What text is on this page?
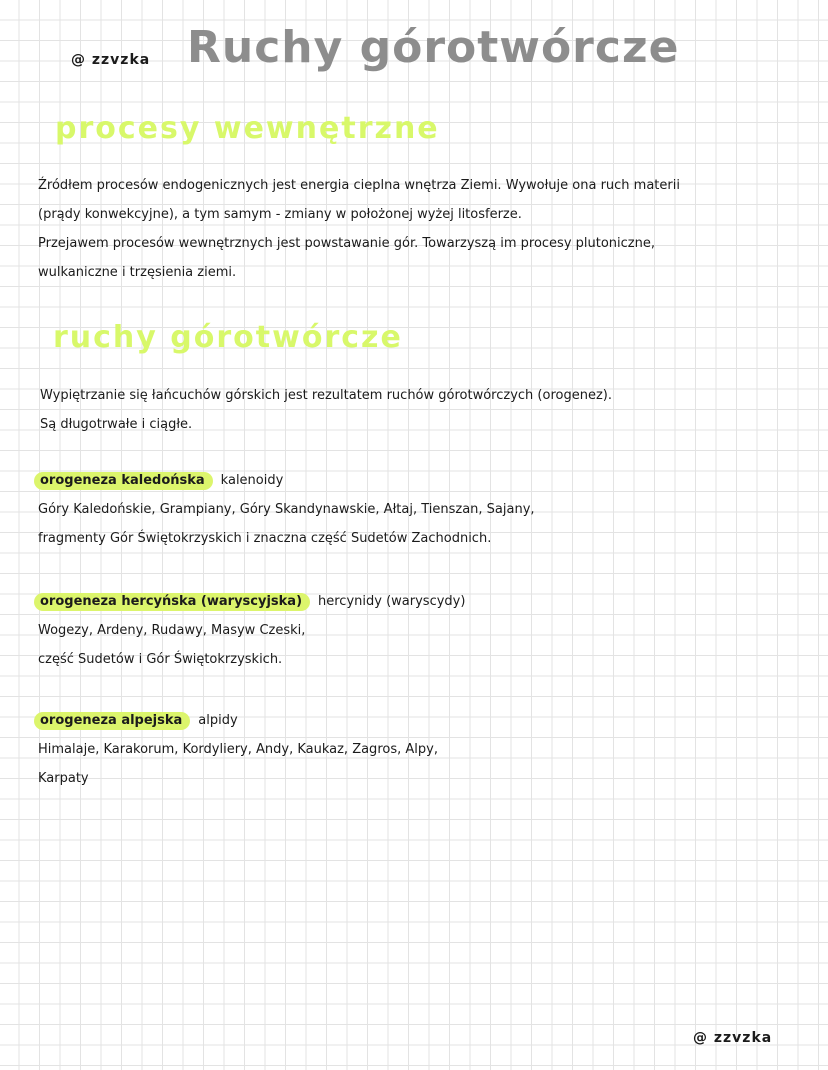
@ zzvzka Ruchy górotwórcze
procesy wewnętrzne
Źródłem procesów endogenicznych jest energia cieplna wnętrza Ziemi. Wywołuje ona ruch materii
(prądy konwekcyjne), a tym samym - zmiany w położonej wyżej litosferze.
Przejawem procesów wewnętrznych jest powstawanie gór. Towarzyszą im procesy plutoniczne,
wulkaniczne i trzęsienia ziemi.
ruchy górotwórcze
Wypiętrzanie się łańcuchów górskich jest rezultatem ruchów górotwórczych (orogenez).
Są długotrwałe i ciągłe.
orogeneza kaledońska kalenoidy
Góry Kaledońskie, Grampiany, Góry Skandynawskie, Ałtaj, Tienszan, Sajany,
fragmenty Gór Świętokrzyskich i znaczna część Sudetów Zachodnich.
orogeneza hercyńska (waryscyjska) hercynidy (waryscydy)
Wogezy, Ardeny, Rudawy, Masyw Czeski,
część Sudetów i Gór Świętokrzyskich.
orogeneza alpejska alpidy
Himalaje, Karakorum, Kordyliery, Andy, Kaukaz, Zagros, Alpy,
Karpaty
@ zzvzka
